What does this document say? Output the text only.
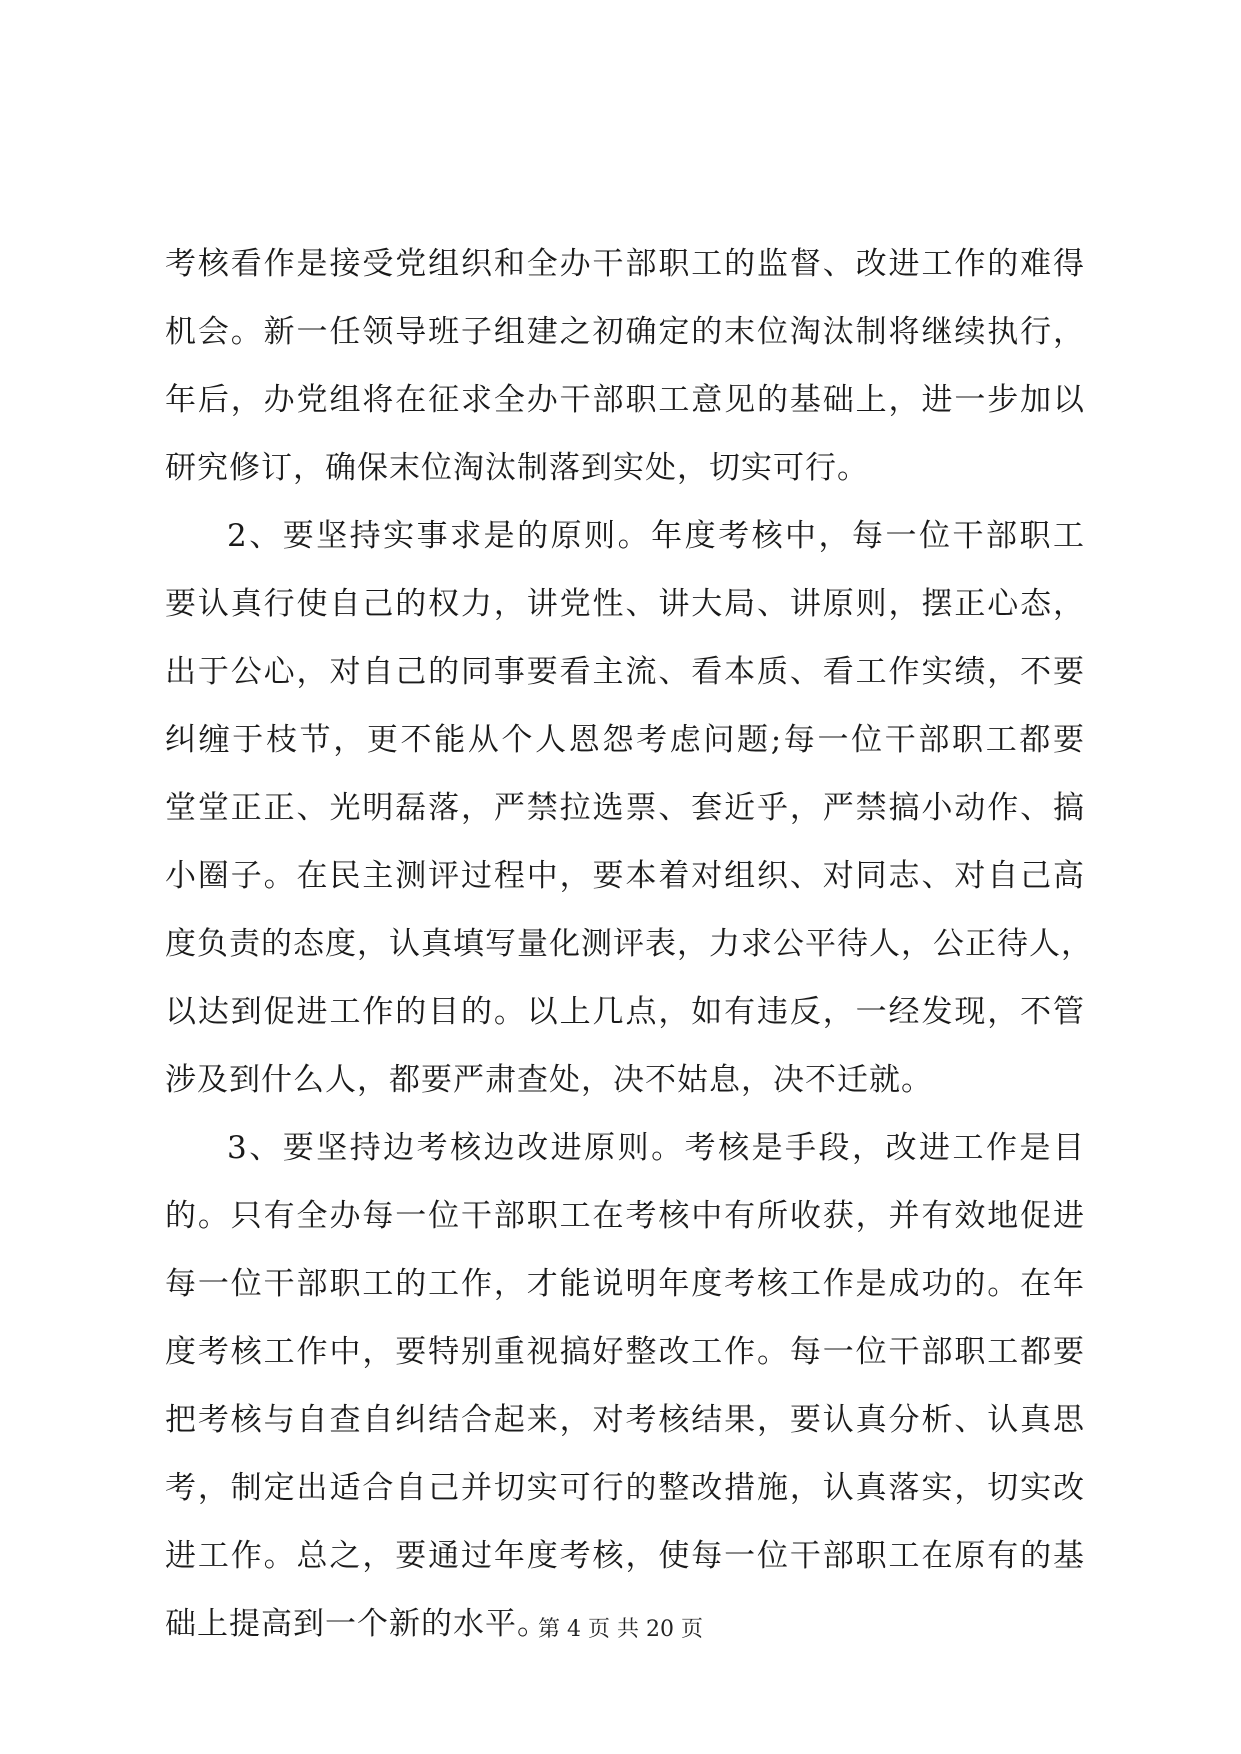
考核看作是接受党组织和全办干部职工的监督、改进工作的难得
机会。新一任领导班子组建之初确定的末位淘汰制将继续执行，
年后，办党组将在征求全办干部职工意见的基础上，进一步加以
研究修订，确保末位淘汰制落到实处，切实可行。
2、要坚持实事求是的原则。年度考核中，每一位干部职工
要认真行使自己的权力，讲党性、讲大局、讲原则，摆正心态，
出于公心，对自己的同事要看主流、看本质、看工作实绩，不要
纠缠于枝节，更不能从个人恩怨考虑问题;每一位干部职工都要
堂堂正正、光明磊落，严禁拉选票、套近乎，严禁搞小动作、搞
小圈子。在民主测评过程中，要本着对组织、对同志、对自己高
度负责的态度，认真填写量化测评表，力求公平待人，公正待人，
以达到促进工作的目的。以上几点，如有违反，一经发现，不管
涉及到什么人，都要严肃查处，决不姑息，决不迁就。
3、要坚持边考核边改进原则。考核是手段，改进工作是目
的。只有全办每一位干部职工在考核中有所收获，并有效地促进
每一位干部职工的工作，才能说明年度考核工作是成功的。在年
度考核工作中，要特别重视搞好整改工作。每一位干部职工都要
把考核与自查自纠结合起来，对考核结果，要认真分析、认真思
考，制定出适合自己并切实可行的整改措施，认真落实，切实改
进工作。总之，要通过年度考核，使每一位干部职工在原有的基
础上提高到一个新的水平。
第 4 页 共 20 页
